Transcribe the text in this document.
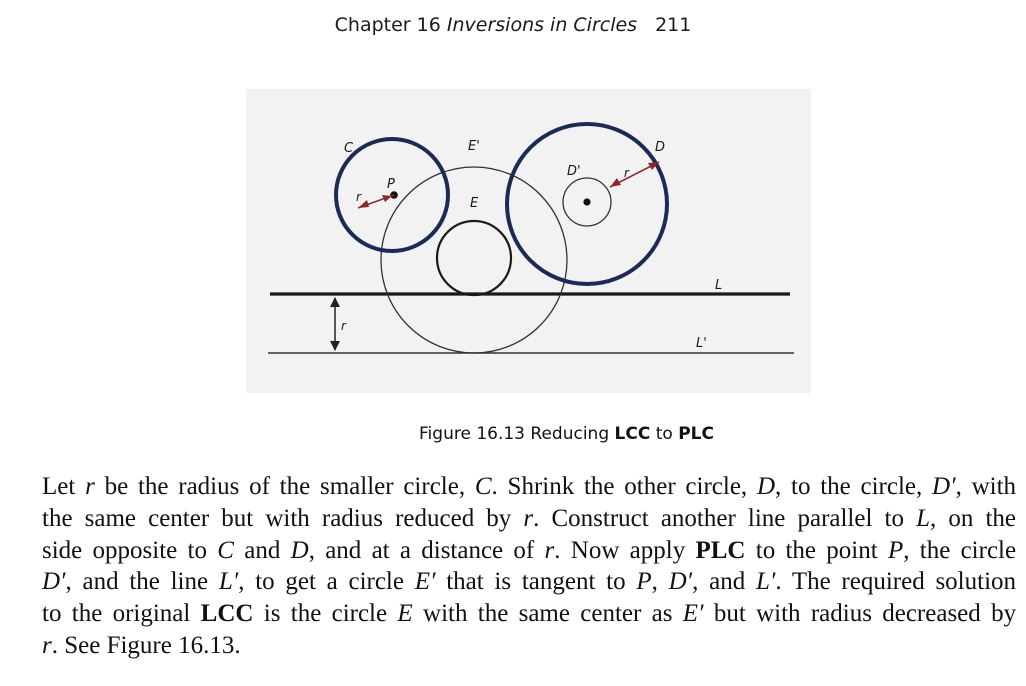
Chapter 16 Inversions in Circles 211
C
P
r
E'
E
D'
D
r
L
L'
r
Figure 16.13 Reducing LCC to PLC
Let r be the radius of the smaller circle, C. Shrink the other circle, D, to the circle, D′, with
the same center but with radius reduced by r. Construct another line parallel to L, on the
side opposite to C and D, and at a distance of r. Now apply PLC to the point P, the circle
D′, and the line L′, to get a circle E′ that is tangent to P, D′, and L′. The required solution
to the original LCC is the circle E with the same center as E′ but with radius decreased by
r. See Figure 16.13.
